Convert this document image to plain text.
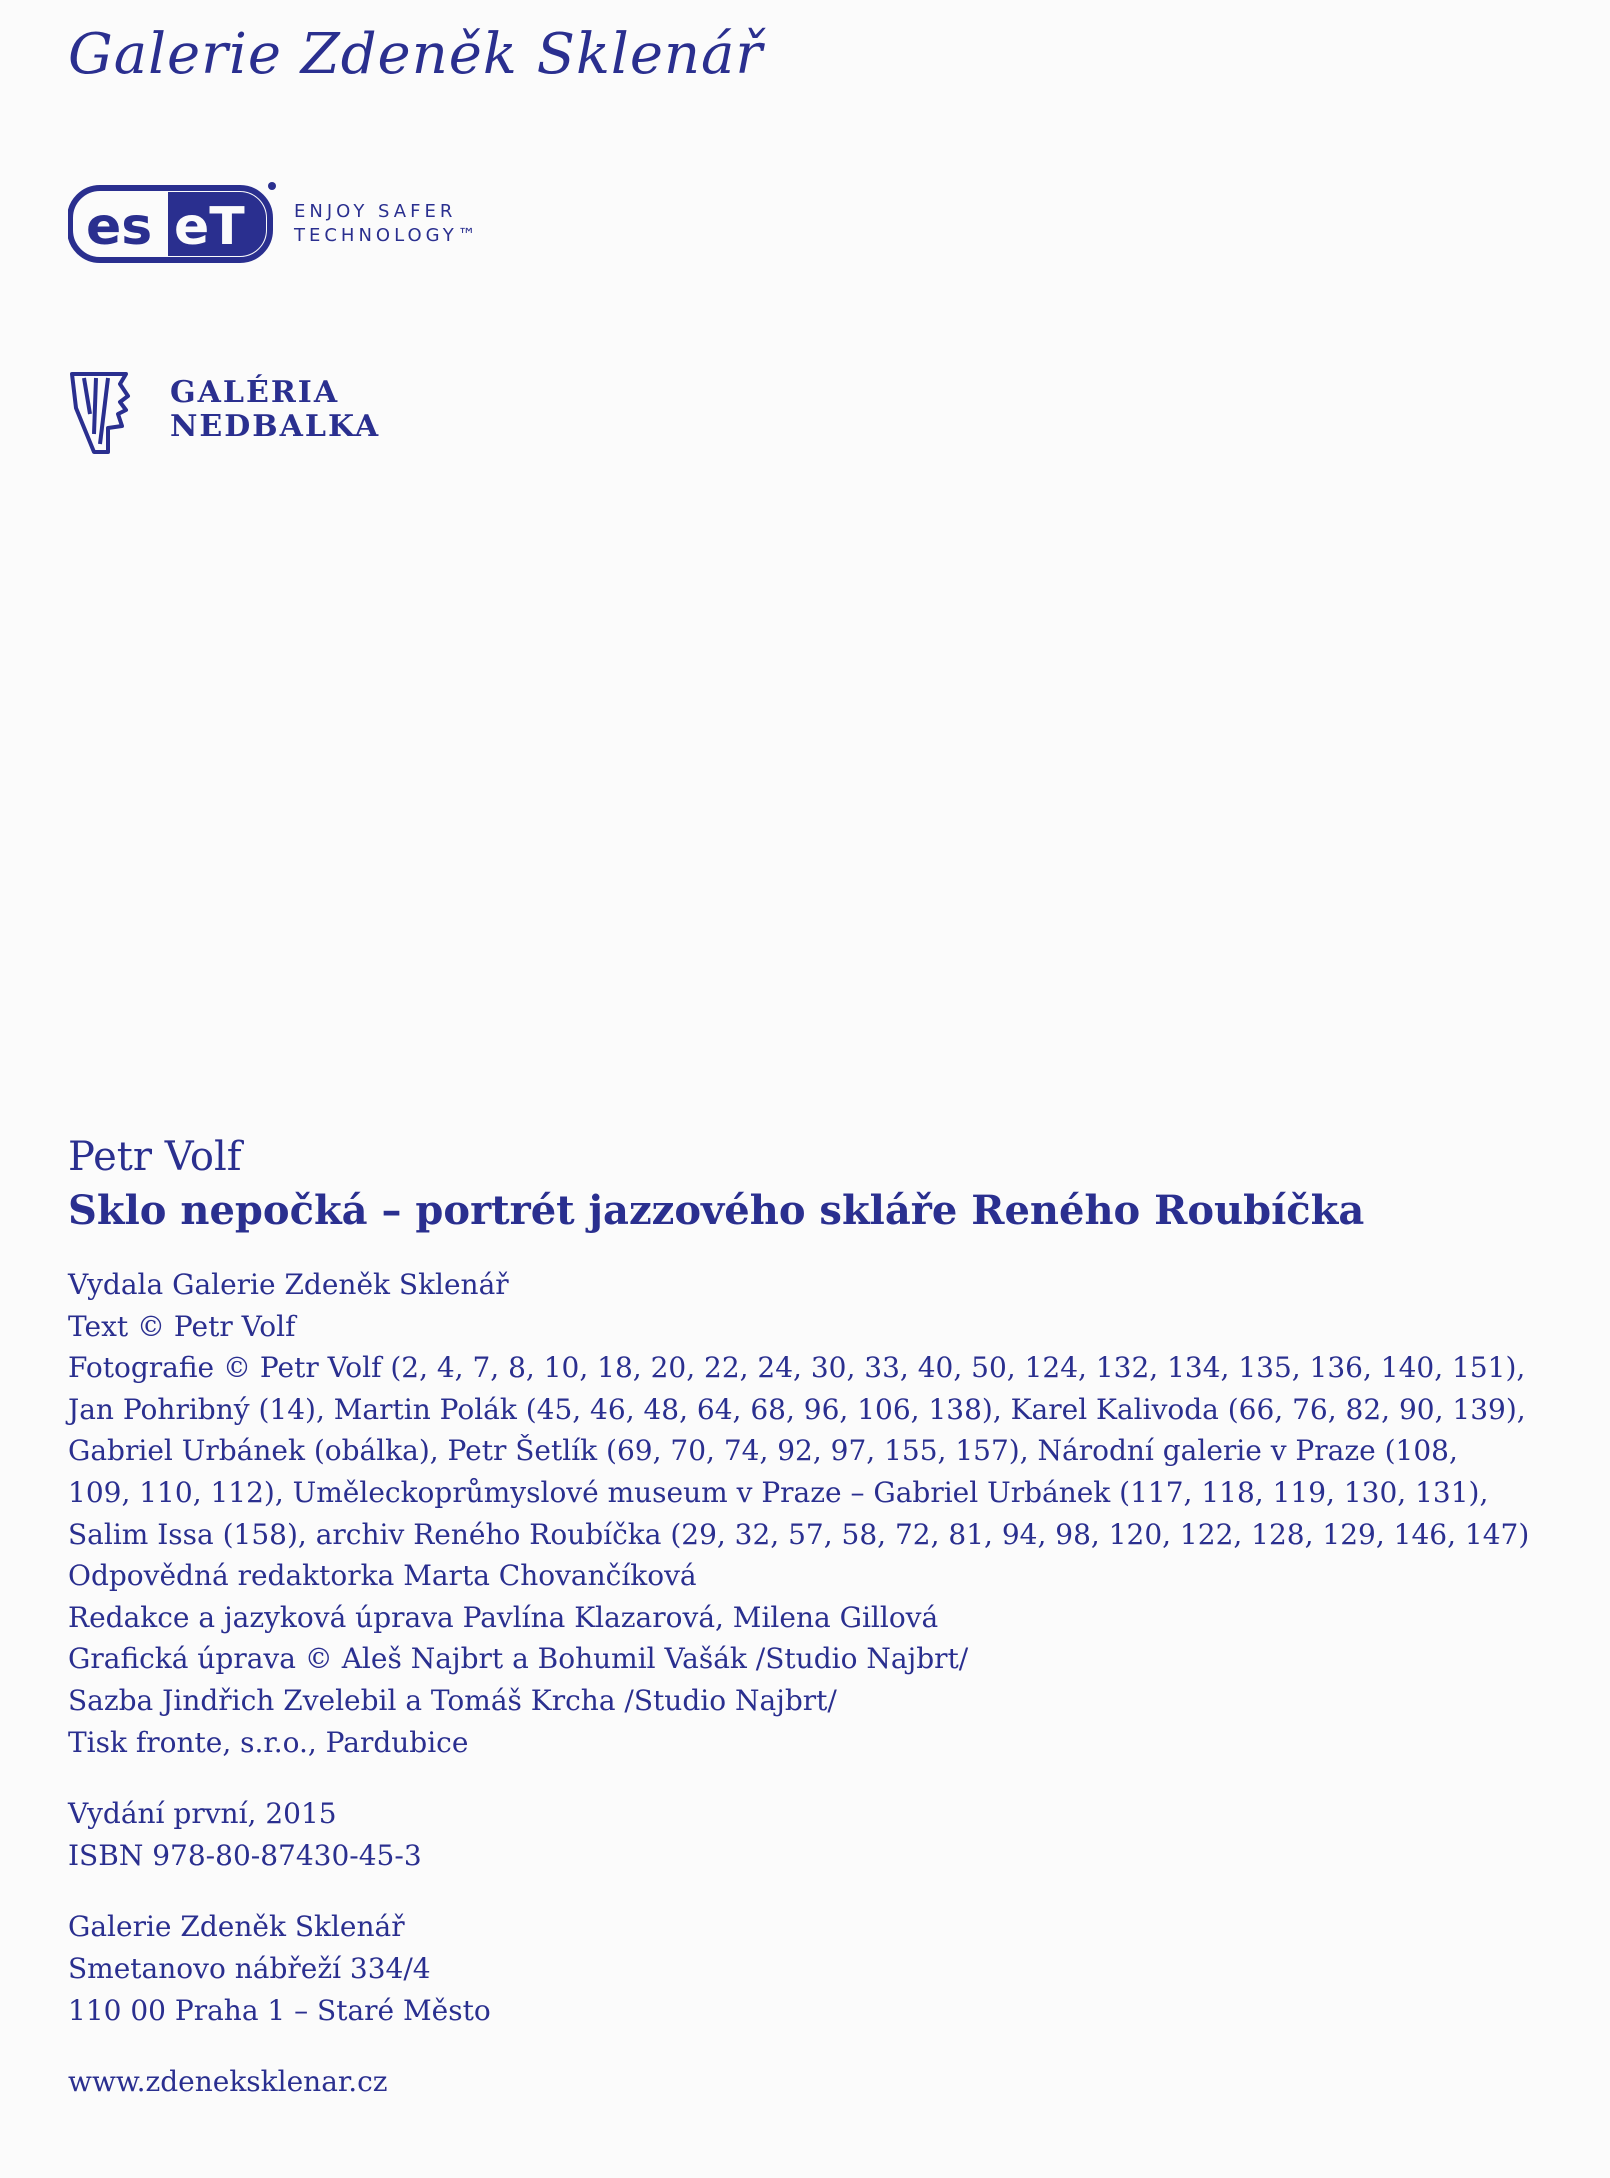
Galerie Zdeněk Sklenář
es eT	ENJOY SAFER
TECHNOLOGY™
GALÉRIA
NEDBALKA
Petr Volf
Sklo nepočká – portrét jazzového skláře Reného Roubíčka
Vydala Galerie Zdeněk Sklenář
Text © Petr Volf
Fotografie © Petr Volf (2, 4, 7, 8, 10, 18, 20, 22, 24, 30, 33, 40, 50, 124, 132, 134, 135, 136, 140, 151),
Jan Pohribný (14), Martin Polák (45, 46, 48, 64, 68, 96, 106, 138), Karel Kalivoda (66, 76, 82, 90, 139),
Gabriel Urbánek (obálka), Petr Šetlík (69, 70, 74, 92, 97, 155, 157), Národní galerie v Praze (108,
109, 110, 112), Uměleckoprůmyslové museum v Praze – Gabriel Urbánek (117, 118, 119, 130, 131),
Salim Issa (158), archiv Reného Roubíčka (29, 32, 57, 58, 72, 81, 94, 98, 120, 122, 128, 129, 146, 147)
Odpovědná redaktorka Marta Chovančíková
Redakce a jazyková úprava Pavlína Klazarová, Milena Gillová
Grafická úprava © Aleš Najbrt a Bohumil Vašák /Studio Najbrt/
Sazba Jindřich Zvelebil a Tomáš Krcha /Studio Najbrt/
Tisk fronte, s.r.o., Pardubice
Vydání první, 2015
ISBN 978-80-87430-45-3
Galerie Zdeněk Sklenář
Smetanovo nábřeží 334/4
110 00 Praha 1 – Staré Město
www.zdeneksklenar.cz
